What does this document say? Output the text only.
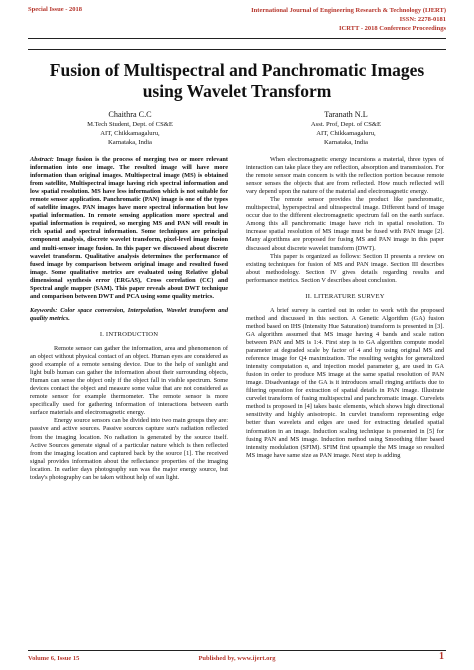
Special Issue - 2018	International Journal of Engineering Research & Technology (IJERT)
ISSN: 2278-0181
ICRTT - 2018 Conference Proceedings
Fusion of Multispectral and Panchromatic Images
using Wavelet Transform
Chaithra C.C
M.Tech Student, Dept. of CS&E
AIT, Chikkamagaluru,
Karnataka, India
Taranath N.L
Asst. Prof, Dept. of CS&E
AIT, Chikkamagaluru,
Karnataka, India

Abstract: Image fusion is the process of merging two or more relevant information into one image. The resulted image will have more information than original images. Multispectral image (MS) is obtained from satellite, Multispectral image having rich spectral information and low spatial resolution. MS have less information which is not suitable for remote sensor application. Panchromatic (PAN) image is one of the types of satellite images. PAN images have more spectral information but low spatial information. In remote sensing application more spectral and spatial information is required, so merging MS and PAN will result in rich spatial and spectral information. Some techniques are principal component analysis, discrete wavelet transform, pixel-level image fusion and multi-sensor image fusion. In this paper we discussed about discrete wavelet transform. Qualitative analysis determines the performance of fused image by comparison between original image and resulted fused image. Some qualitative metrics are evaluated using Relative global dimensional synthesis error (ERGAS), Cross correlation (CC) and Spectral angle mapper (SAM). This paper reveals about DWT technique and comparison between DWT and PCA using some quality metrics.

Keywords: Color space conversion, Interpolation, Wavelet transform and quality metrics.

I. INTRODUCTION

Remote sensor can gather the information, area and phenomenon of an object without physical contact of an object. Human eyes are considered as good example of a remote sensing device. Due to the help of sunlight and light bulb human can gather the information about their surrounding objects, Human can sense the object only if the object fall in visible spectrum. Some devices contact the object and measure some value that are not considered as remote sensor for example thermometer. The remote sensor is more specifically used for gathering information of interactions between earth surface materials and electromagnetic energy.

Energy source sensors can be divided into two main groups they are: passive and active sources. Passive sources capture sun's radiation reflected from the imaging location. No radiation is generated by the source itself. Active Sources generate signal of a particular nature which is then reflected from the imaging location and captured back by the source [1]. The received signal provides information about the reflectance properties of the imaging location. In earlier days photography sun was the major energy source, but today's photography can be taken without help of sun light.

When electromagnetic energy incursions a material, three types of interaction can take place they are reflection, absorption and transmission. For the remote sensor main concern is with the reflection portion because remote sensor senses the objects that are from reflected. How much reflected will vary depend upon the nature of the material and electromagnetic energy.

The remote sensor provides the product like panchromatic, multispectral, hyperspectral and ultraspectral image. Different band of image occur due to the different electromagnetic spectrum fall on the earth surface. Among this all panchromatic image have rich in spatial resolution. To increase spatial resolution of MS image must be fused with PAN image [2]. Many algorithms are proposed for fusing MS and PAN image in this paper discussed about discrete wavelet transform (DWT).

This paper is organized as follows: Section II presents a review on existing techniques for fusion of MS and PAN image. Section III describes about methodology. Section IV gives details regarding results and performance metrics. Section V describes about conclusion.

II. LITERATURE SURVEY

A brief survey is carried out in order to work with the proposed method and discussed in this section. A Genetic Algorithm (GA) fusion method based on IHS (Intensity Hue Saturation) transform is presented in [3]. GA algorithm assumed that MS image having 4 bands and scale ration between PAN and MS is 1:4. First step is to GA algorithm compute model parameter at degraded scale by factor of 4 and by using original MS and reference image for Q4 maximization. The resulting weights for generalized intensity computation α, and injection model parameter g, are used in GA fusion in order to produce MS image at the same spatial resolution of PAN image. Disadvantage of the GA is it introduces small ringing artifacts due to filtering operation for extraction of spatial details in PAN image. Illustrate curvelet transform of fusing multispectral and panchromatic image. Curvelets method is proposed in [4] takes basic elements, which shows high directional sensitivity and highly anisotropic. In curvlet transform representing edge better than wavelets and edges are used for extracting detailed spatial information in an image. Induction scaling technique is presented in [5] for fusing PAN and MS image. Induction method using Smoothing filter based intensity modulation (SFIM). SFIM first upsample the MS image so resulted MS image have same size as PAN image. Next step is adding

Volume 6, Issue 15	Published by, www.ijert.org	1
